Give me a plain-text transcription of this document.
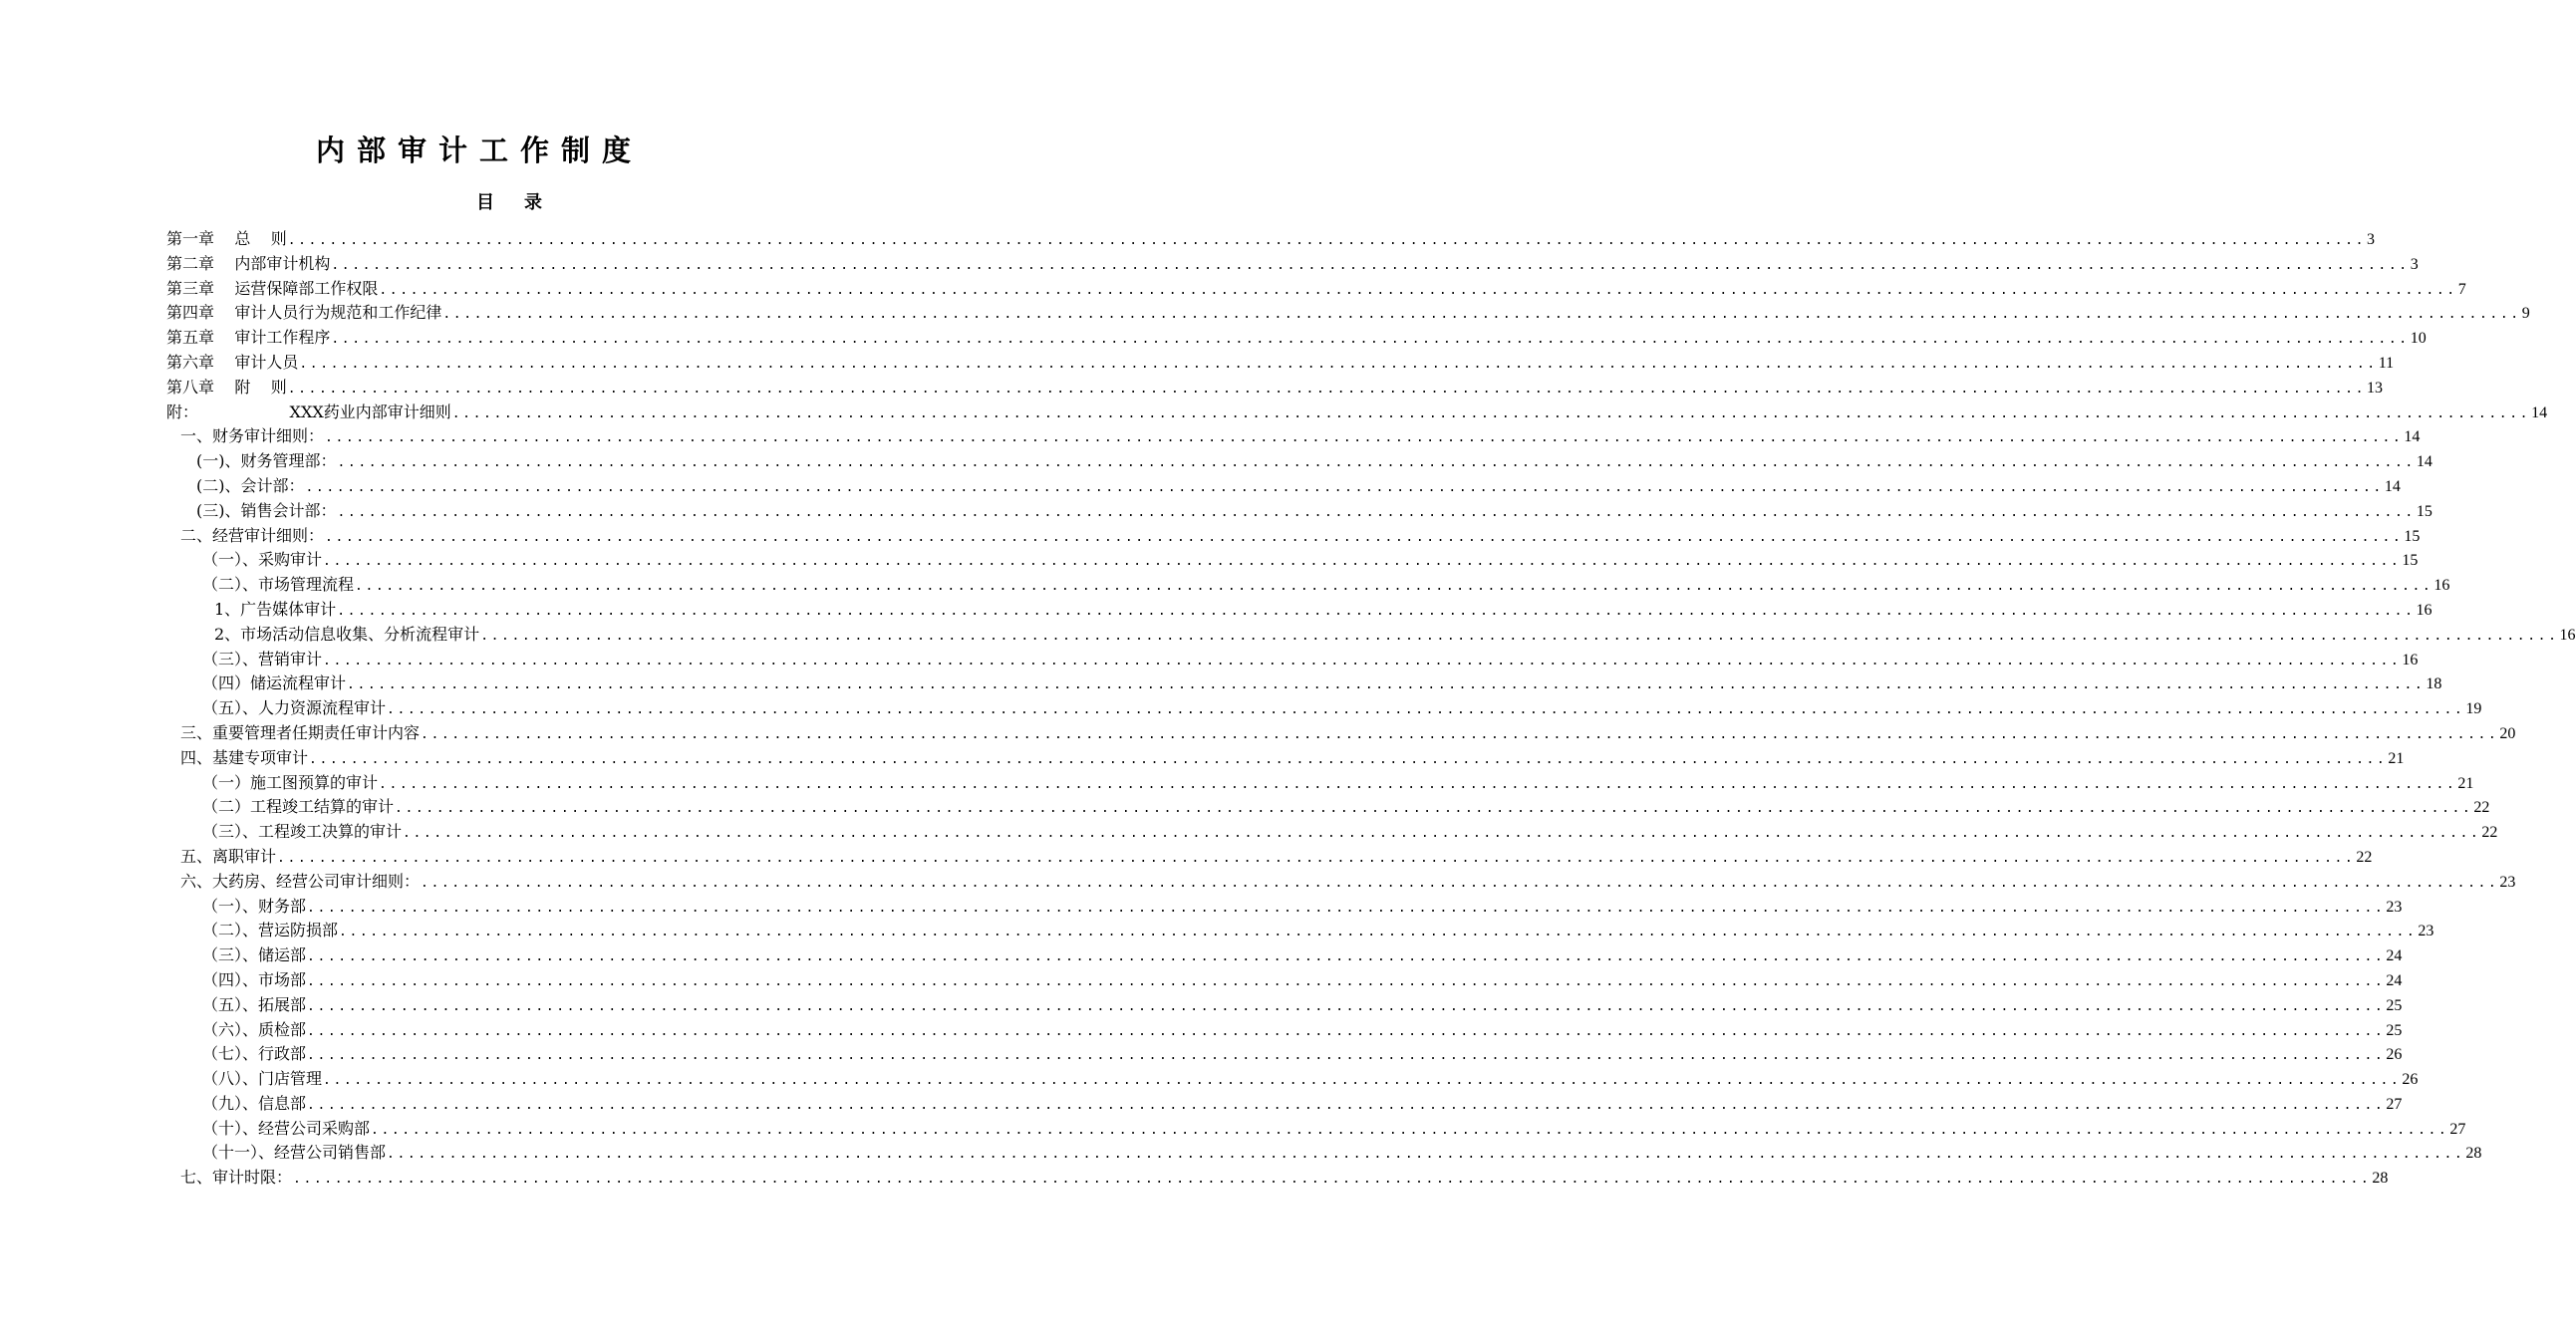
内部审计工作制度
目 录
第一章    总    则 ........................................................................................................................................................................................................ 3
第二章    内部审计机构 ........................................................................................................................................................................................................ 3
第三章    运营保障部工作权限 ........................................................................................................................................................................................................ 7
第四章    审计人员行为规范和工作纪律 ........................................................................................................................................................................................................ 9
第五章    审计工作程序 ........................................................................................................................................................................................................ 10
第六章    审计人员 ........................................................................................................................................................................................................ 11
第八章    附    则 ........................................................................................................................................................................................................ 13
附：                  XXX药业内部审计细则 ........................................................................................................................................................................................................ 14
一、财务审计细则： ........................................................................................................................................................................................................ 14
(一)、财务管理部： ........................................................................................................................................................................................................ 14
(二)、会计部： ........................................................................................................................................................................................................ 14
(三)、销售会计部： ........................................................................................................................................................................................................ 15
二、经营审计细则： ........................................................................................................................................................................................................ 15
（一）、采购审计 ........................................................................................................................................................................................................ 15
（二）、市场管理流程 ........................................................................................................................................................................................................ 16
1、广告媒体审计 ........................................................................................................................................................................................................ 16
2、市场活动信息收集、分析流程审计 ........................................................................................................................................................................................................ 16
（三）、营销审计 ........................................................................................................................................................................................................ 16
（四）储运流程审计 ........................................................................................................................................................................................................ 18
（五）、人力资源流程审计 ........................................................................................................................................................................................................ 19
三、重要管理者任期责任审计内容 ........................................................................................................................................................................................................ 20
四、基建专项审计 ........................................................................................................................................................................................................ 21
（一）施工图预算的审计 ........................................................................................................................................................................................................ 21
（二）工程竣工结算的审计 ........................................................................................................................................................................................................ 22
（三）、工程竣工决算的审计 ........................................................................................................................................................................................................ 22
五、离职审计 ........................................................................................................................................................................................................ 22
六、大药房、经营公司审计细则： ........................................................................................................................................................................................................ 23
（一）、财务部 ........................................................................................................................................................................................................ 23
（二）、营运防损部 ........................................................................................................................................................................................................ 23
（三）、储运部 ........................................................................................................................................................................................................ 24
（四）、市场部 ........................................................................................................................................................................................................ 24
（五）、拓展部 ........................................................................................................................................................................................................ 25
（六）、质检部 ........................................................................................................................................................................................................ 25
（七）、行政部 ........................................................................................................................................................................................................ 26
（八）、门店管理 ........................................................................................................................................................................................................ 26
（九）、信息部 ........................................................................................................................................................................................................ 27
（十）、经营公司采购部 ........................................................................................................................................................................................................ 27
（十一）、经营公司销售部 ........................................................................................................................................................................................................ 28
七、审计时限： ........................................................................................................................................................................................................ 28
